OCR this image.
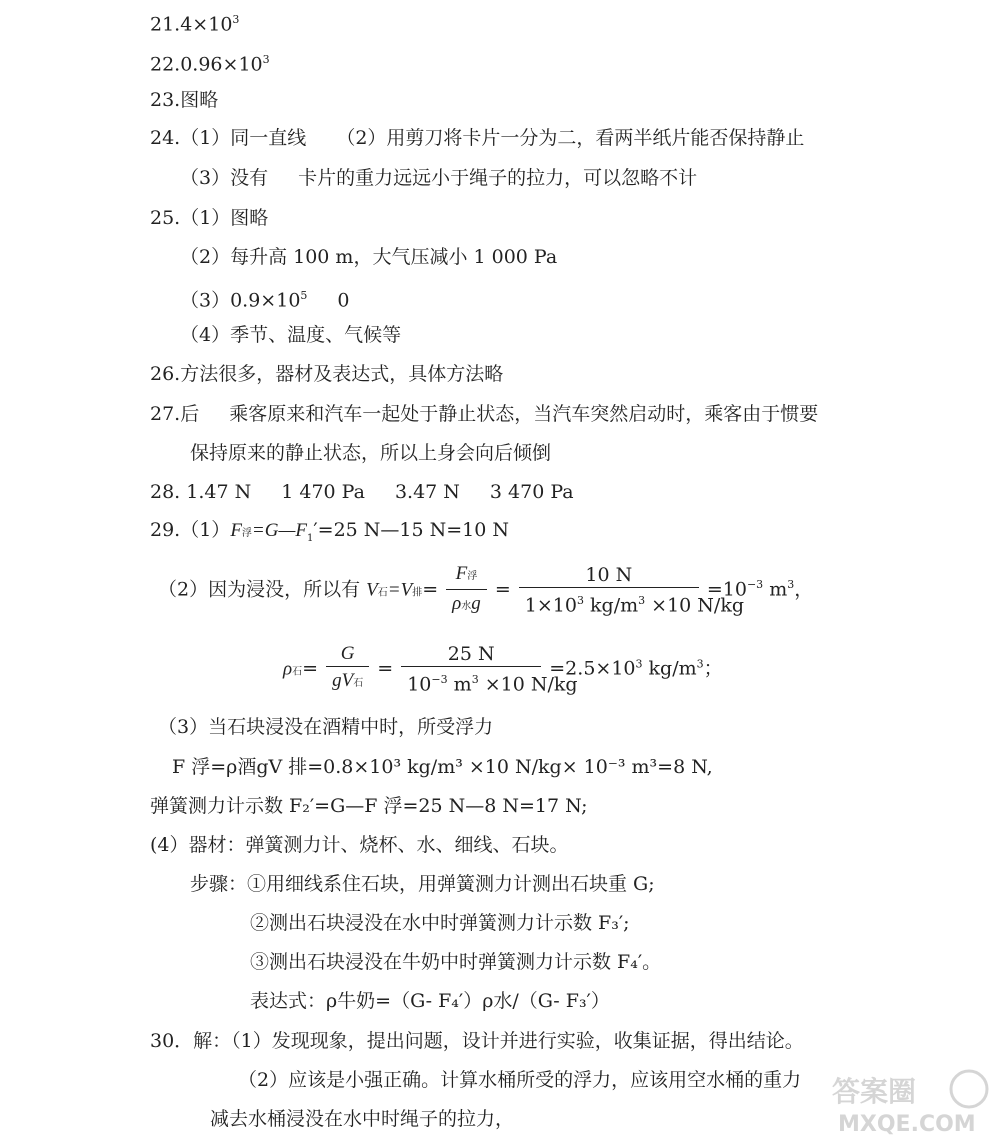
$21.4\times 10^3$
$22.0.96\times 10^3$
23.图略
24.（1）同一直线 （2）用剪刀将卡片一分为二，看两半纸片能否保持静止
（3）没有 卡片的重力远远小于绳子的拉力，可以忽略不计
25.（1）图略
（2）每升高 100 m，大气压减小 1 000 Pa
$(3)0.9\times 10^5$ 0
（4）季节、温度、气候等
26.方法很多，器材及表达式，具体方法略
27.后 乘客原来和汽车一起处于静止状态，当汽车突然启动时，乘客由于惯要
保持原来的静止状态，所以上身会向后倾倒
28. 1.47 N 1 470 Pa 3.47 N 3 470 Pa
29.（1）F浮$=G—F_1'=25$ N—15 N=10 N
（2）因为浸没，所以有 V石=V排= $\frac{\text{F浮}}{\text{ρ水g}} = \frac{10 N}{1\times 10^3 kg/m^3 \times 10 N/kg} =10^{-3}$ $m^3$，
ρ石= $\frac{G}{\text{gV石}} = \frac{25 N}{10^{-3} m^3 \times 10 N/kg} =2.5\times 10^3$ $kg/m^3$；
（3）当石块浸没在酒精中时，所受浮力
F 浮=ρ酒gV 排=0.8×10³ kg/m³ ×10 N/kg× 10⁻³ m³=8 N,
弹簧测力计示数 F₂′=G—F 浮=25 N—8 N=17 N;
(4）器材：弹簧测力计、烧杯、水、细线、石块。
步骤：①用细线系住石块，用弹簧测力计测出石块重 G;
②测出石块浸没在水中时弹簧测力计示数 F₃′;
③测出石块浸没在牛奶中时弹簧测力计示数 F₄′。
表达式：ρ牛奶=（G- F₄′）ρ水/（G- F₃′）
30．解：（1）发现现象，提出问题，设计并进行实验，收集证据，得出结论。
（2）应该是小强正确。计算水桶所受的浮力，应该用空水桶的重力
减去水桶浸没在水中时绳子的拉力，
答案圈
MXQE.COM
